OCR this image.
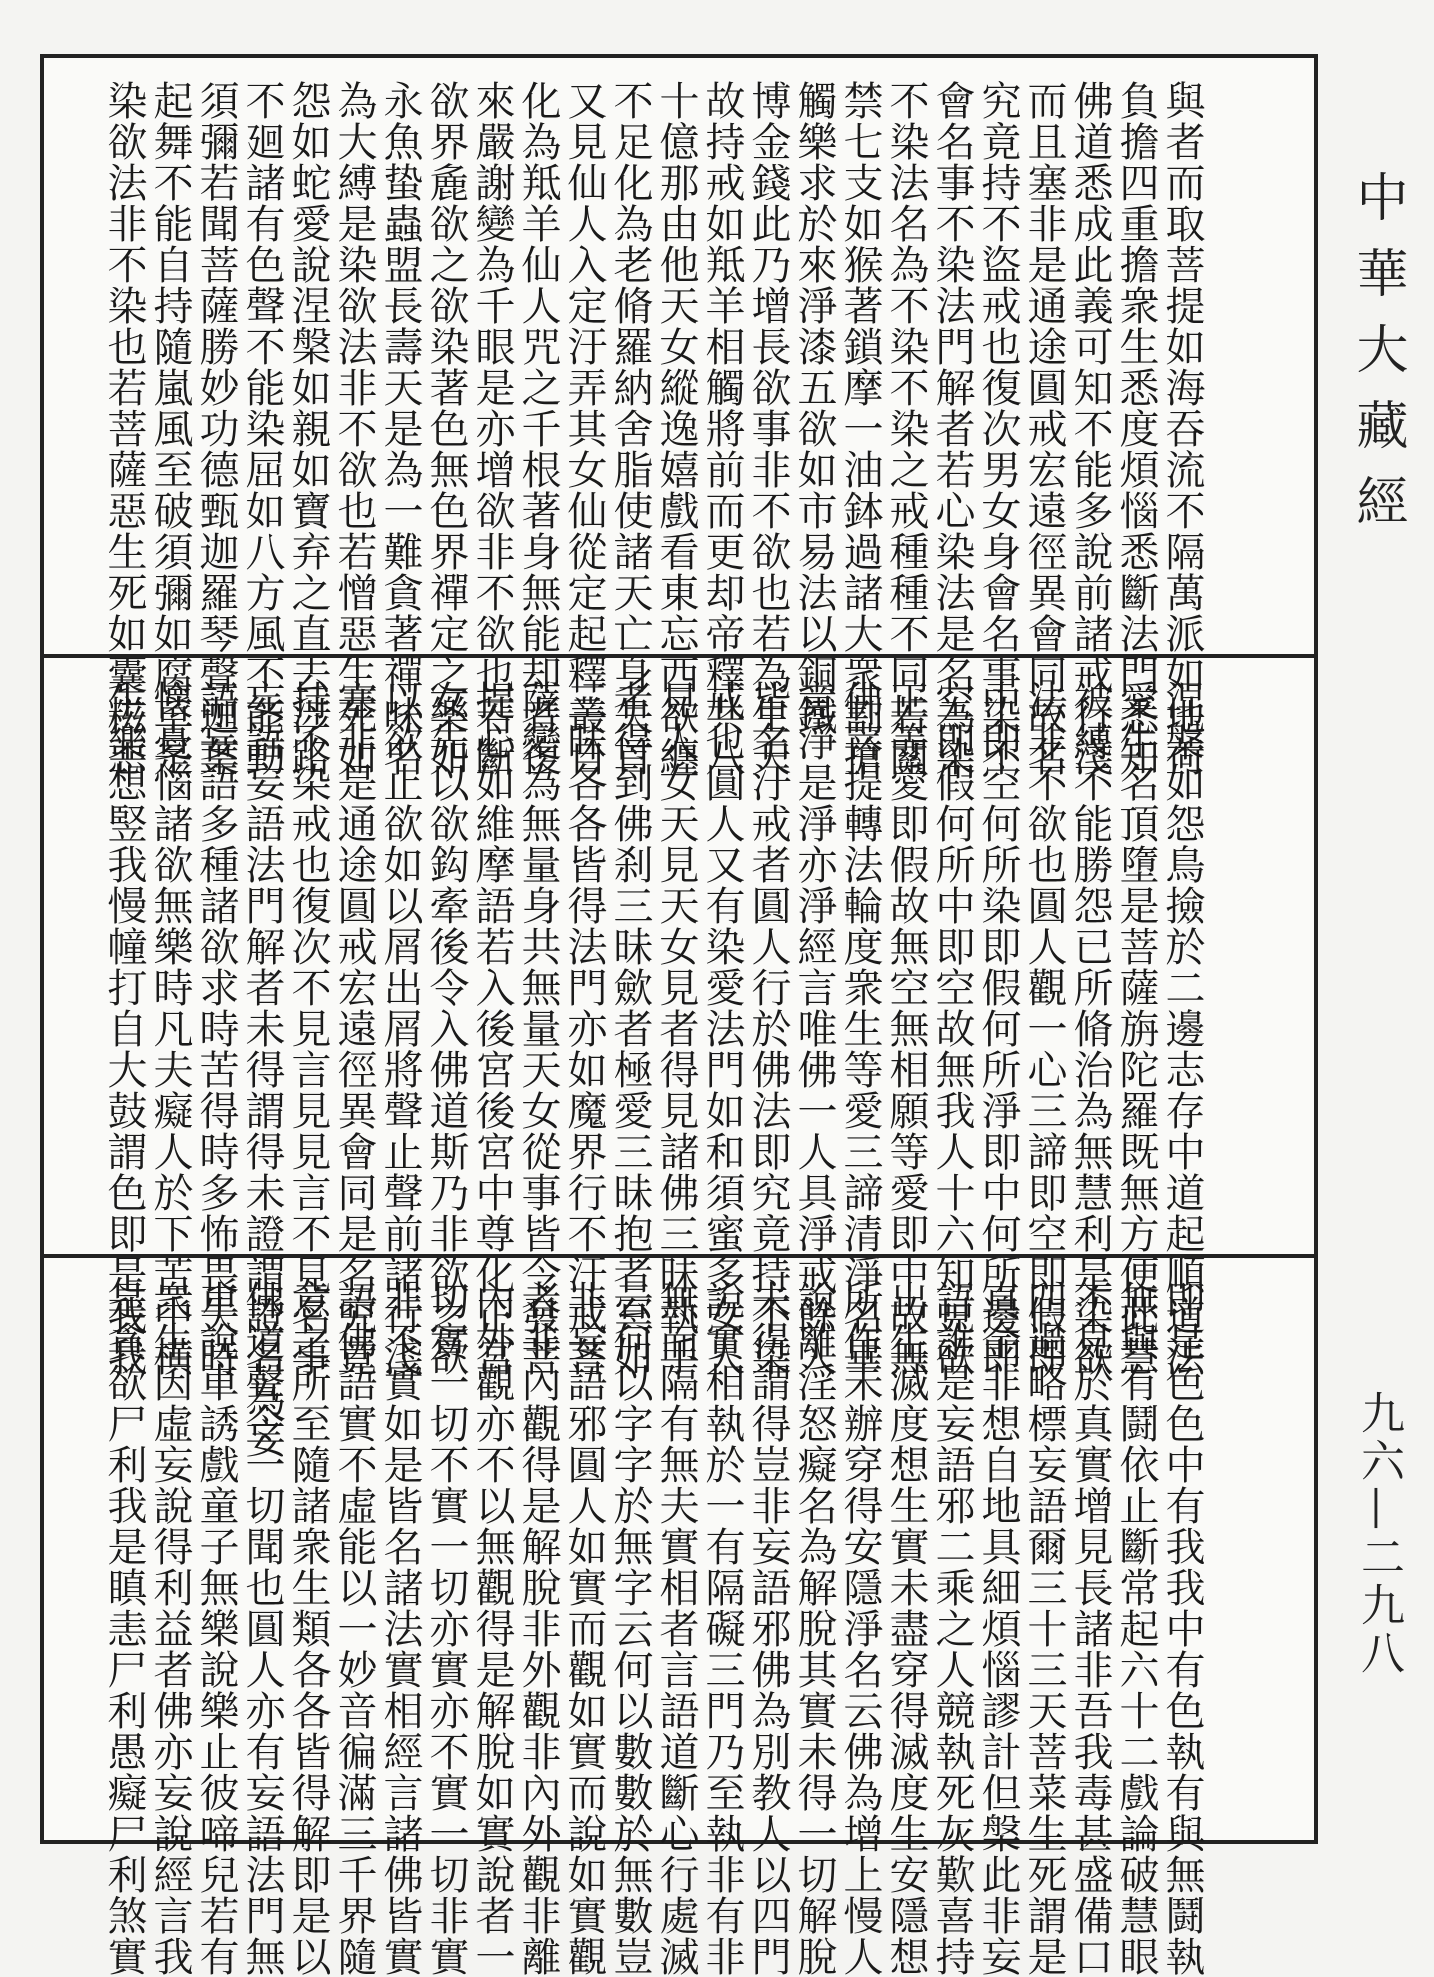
與者而取菩提如海吞流不隔萬派如地荷
負擔四重擔衆生悉度煩惱悉斷法門悉知
佛道悉成此義可知不能多說前諸戒行淺
而且塞非是通途圓戒宏遠徑異會同故名
究竟持不盜戒也復次男女身會名事染不
會名事不染法門解者若心染法是名為染
不染法名為不染不染之戒種種不同若關
禁七支如猴著鎖摩一油鉢過諸大衆割搶
觸樂求於來淨漆五欲如市易法以銅鐵
博金錢此乃增長欲事非不欲也若為生天
故持戒如羝羊相觸將前而更却帝釋共八
十億那由他天女縱逸嬉戲看東忘西欲纏
不足化為老脩羅納舍脂使諸天亡身失首
又見仙人入定汙弄其女仙從定起釋叢自
化為羝羊仙人咒之千根著身無能却者復
來嚴謝變為千眼是亦增欲非不欲也若斷
欲界麁欲之欲染著色無色界禪定之樂如
永魚蛰蟲盟長壽天是為一難貪著禪味名
為大縛是染欲法非不欲也若憎惡生死如
怨如蛇愛說涅槃如親如寶弃之直去涉路
不廻諸有色聲不能染屈如八方風不能動
須彌若聞菩薩勝妙功德甄迦羅琴聲迦葉
起舞不能自持隨嵐風至破須彌如腐草是
染欲法非不染也若菩薩惡生死如囊糍惡
涅槃如怨鳥撿於二邊志存中道起順道法
愛生名頂墮是菩薩旃陀羅既無方便此慧
被縛不能勝怨已所脩治為無慧利是染欲
法非不欲也圓人觀一心三諦即空即假即
中即空何所染即假何所淨即中何所邊即
空即假何所中即空故無我人十六知見欲
正等愛即假故無空無相願等愛即中故無
佛菩提轉法輪度衆生等愛三諦清淨名畢
竟淨是淨亦淨經言唯佛一人具淨戒餘人
皆名汙戒者圓人行於佛法即究竟持不染
戒也圓人又有染愛法門如和須蜜多女人
見人女天見天女見者得見諸佛三昧執手
者得到佛刹三昧歛者極愛三昧抱者冥如
三昧各各皆得法門亦如魔界行不汙戒菩
薩變為無量身共無量天女從事皆令發菩
提心如維摩語若入後宮後宮中尊化正宮
女先以欲鈎牽後令入佛道斯乃非欲之欲
以欲止欲如以屑出屑將聲止聲前諸行淺
塞非是通途圓戒宏遠徑異會同是名究竟
持不染戒也復次不見言見見言不見名事
妄語妄語法門解者未得謂得未證謂證名為妄
語妄語多種諸欲求時苦得時多怖畏失時
懷憂惱諸欲無樂時凡夫癡人於下苦中横
生樂想竪我慢幢打自大鼓謂色即是我我
即是色色中有我我中有色執有與無鬪執
無與有鬪依止斷常起六十二戲論破慧眼
不見於真實增見長諸非吾我毒甚盛備口
四過略標妄語爾三十三天菩菜生死謂是
真金非想自地具細煩惱謬計但槃此非妄
語誰是妄語邪二乘之人競執死灰歎喜持
出生滅度想生實未盡穿得滅度生安隱想
所作未辦穿得安隱淨名云佛為增上慢人
說離淫怒癡名為解脫其實未得一切解脫
未得謂得豈非妄語邪佛為別教人以四門
說實相執於一有隔礙三門乃至執非有非
無而隔有無夫實相者言語道斷心行處滅
云何以字字於無字云何以數數於無數豈
非妄語邪圓人如實而觀如實而說如實觀
者非內觀得是解脫非外觀非內外觀非離
內外觀亦不以無觀得是解脫如實說者一
切實一切不實一切亦實亦不實一切非實
非不實如是皆名諸法實相經言諸佛皆實
語佛語實不虛能以一妙音徧滿三千界隨
意之所至隨諸衆生類各各皆得解即是以
佛道聲令一切聞也圓人亦有妄語法門無
車說車誘戲童子無樂說樂止彼啼兒若有
衆生因虛妄說得利益者佛亦妄說經言我
是貪欲尸利我是瞋恚尸利愚癡尸利煞實
中華大藏經
九六—二九八
